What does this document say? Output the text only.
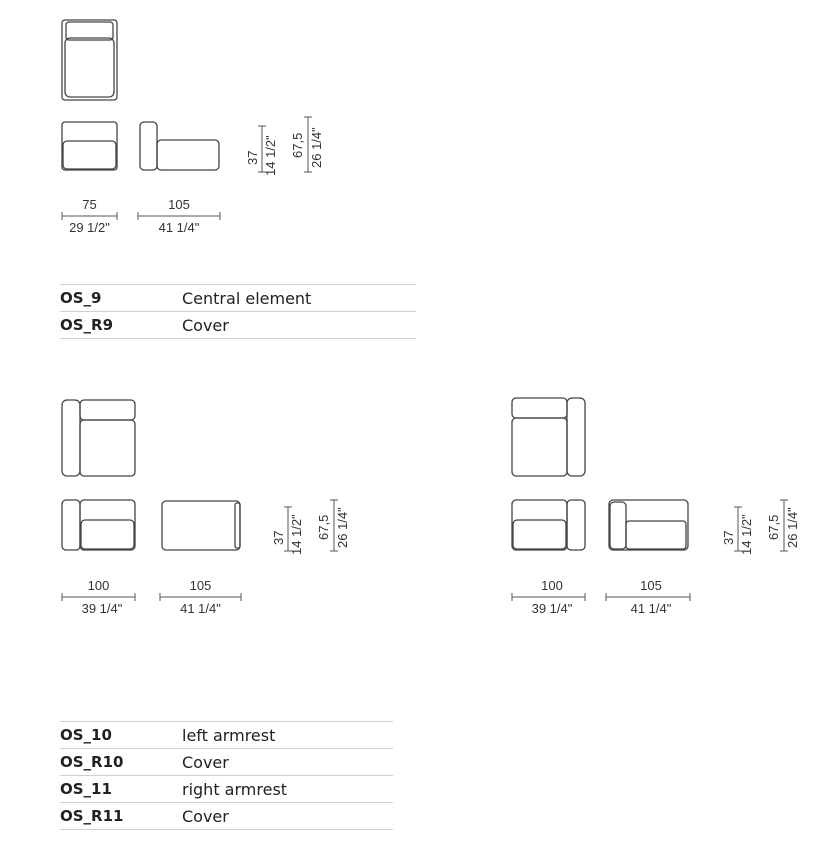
75
29 1/2"
105
41 1/4"
37 14 1/2" 67,5 26 1/4"
100
39 1/4"
105
41 1/4"
37 14 1/2" 67,5 26 1/4"
100
39 1/4"
105
41 1/4"
37 14 1/2" 67,5 26 1/4"
OS_9	Central element
OS_R9	Cover
OS_10	left armrest
OS_R10	Cover
OS_11	right armrest
OS_R11	Cover
